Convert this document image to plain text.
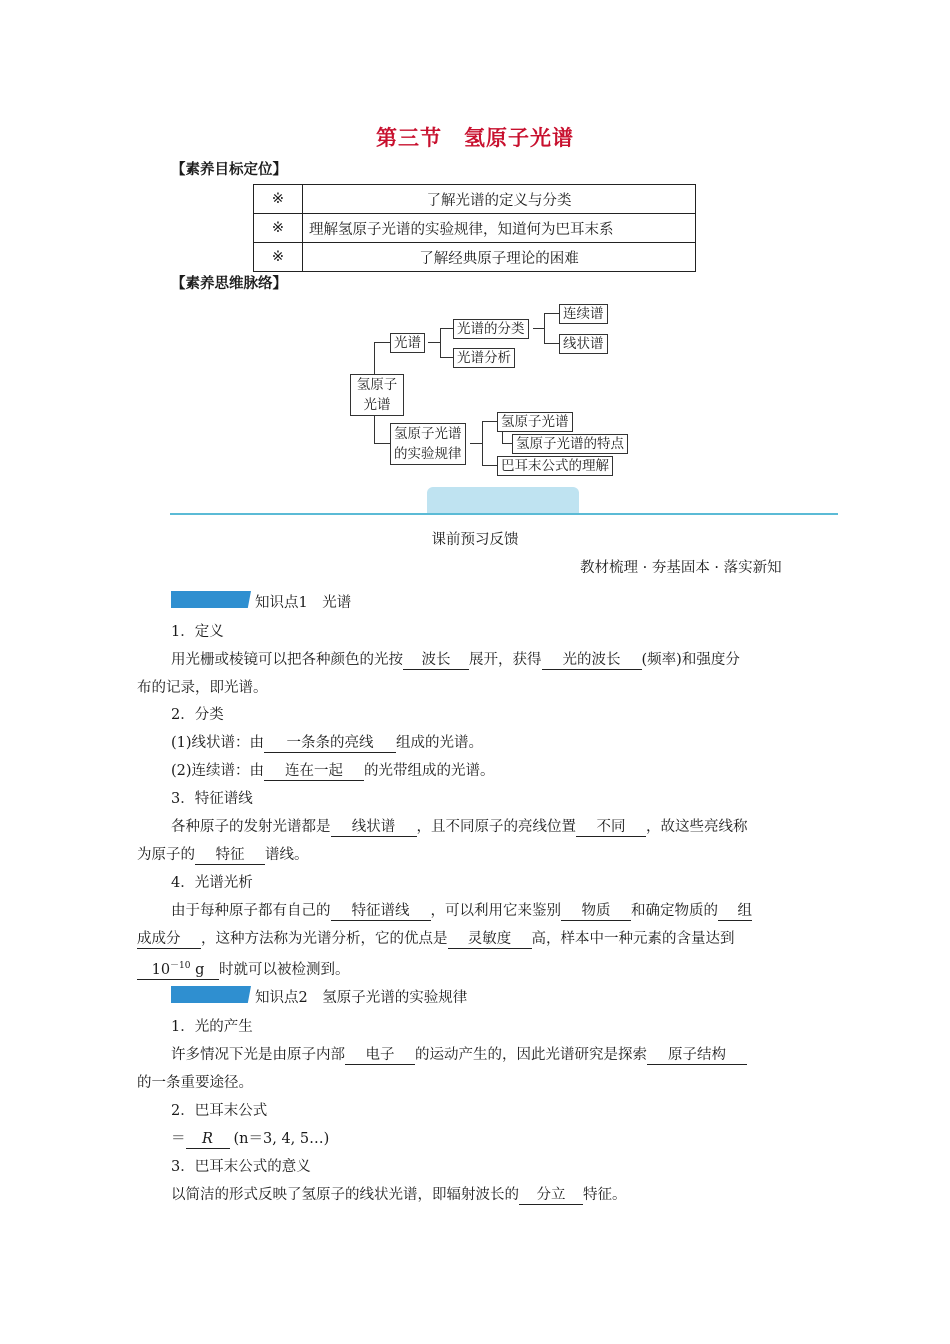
第三节 氢原子光谱
【素养目标定位】
※	了解光谱的定义与分类
※	理解氢原子光谱的实验规律，知道何为巴耳末系
※	了解经典原子理论的困难
【素养思维脉络】
氢原子
光谱
光谱
光谱的分类
光谱分析
连续谱
线状谱
氢原子光谱
的实验规律
氢原子光谱
氢原子光谱的特点
巴耳末公式的理解
课前预习反馈
教材梳理 · 夯基固本 · 落实新知
知识点1　光谱
1．定义
用光栅或棱镜可以把各种颜色的光按 波长 展开，获得 光的波长 (频率)和强度分
布的记录，即光谱。
2．分类
(1)线状谱：由 一条条的亮线 组成的光谱。
(2)连续谱：由 连在一起 的光带组成的光谱。
3．特征谱线
各种原子的发射光谱都是 线状谱 ，且不同原子的亮线位置 不同 ，故这些亮线称
为原子的 特征 谱线。
4．光谱光析
由于每种原子都有自己的 特征谱线 ，可以利用它来鉴别 物质 和确定物质的 组
成成分 ，这种方法称为光谱分析，它的优点是 灵敏度 高，样本中一种元素的含量达到
$10^{-10}$ g 时就可以被检测到。
知识点2　氢原子光谱的实验规律
1．光的产生
许多情况下光是由原子内部 电子 的运动产生的，因此光谱研究是探索 原子结构
的一条重要途径。
2．巴耳末公式
＝ R (n＝3, 4, 5…)
3．巴耳末公式的意义
以简洁的形式反映了氢原子的线状光谱，即辐射波长的 分立 特征。
